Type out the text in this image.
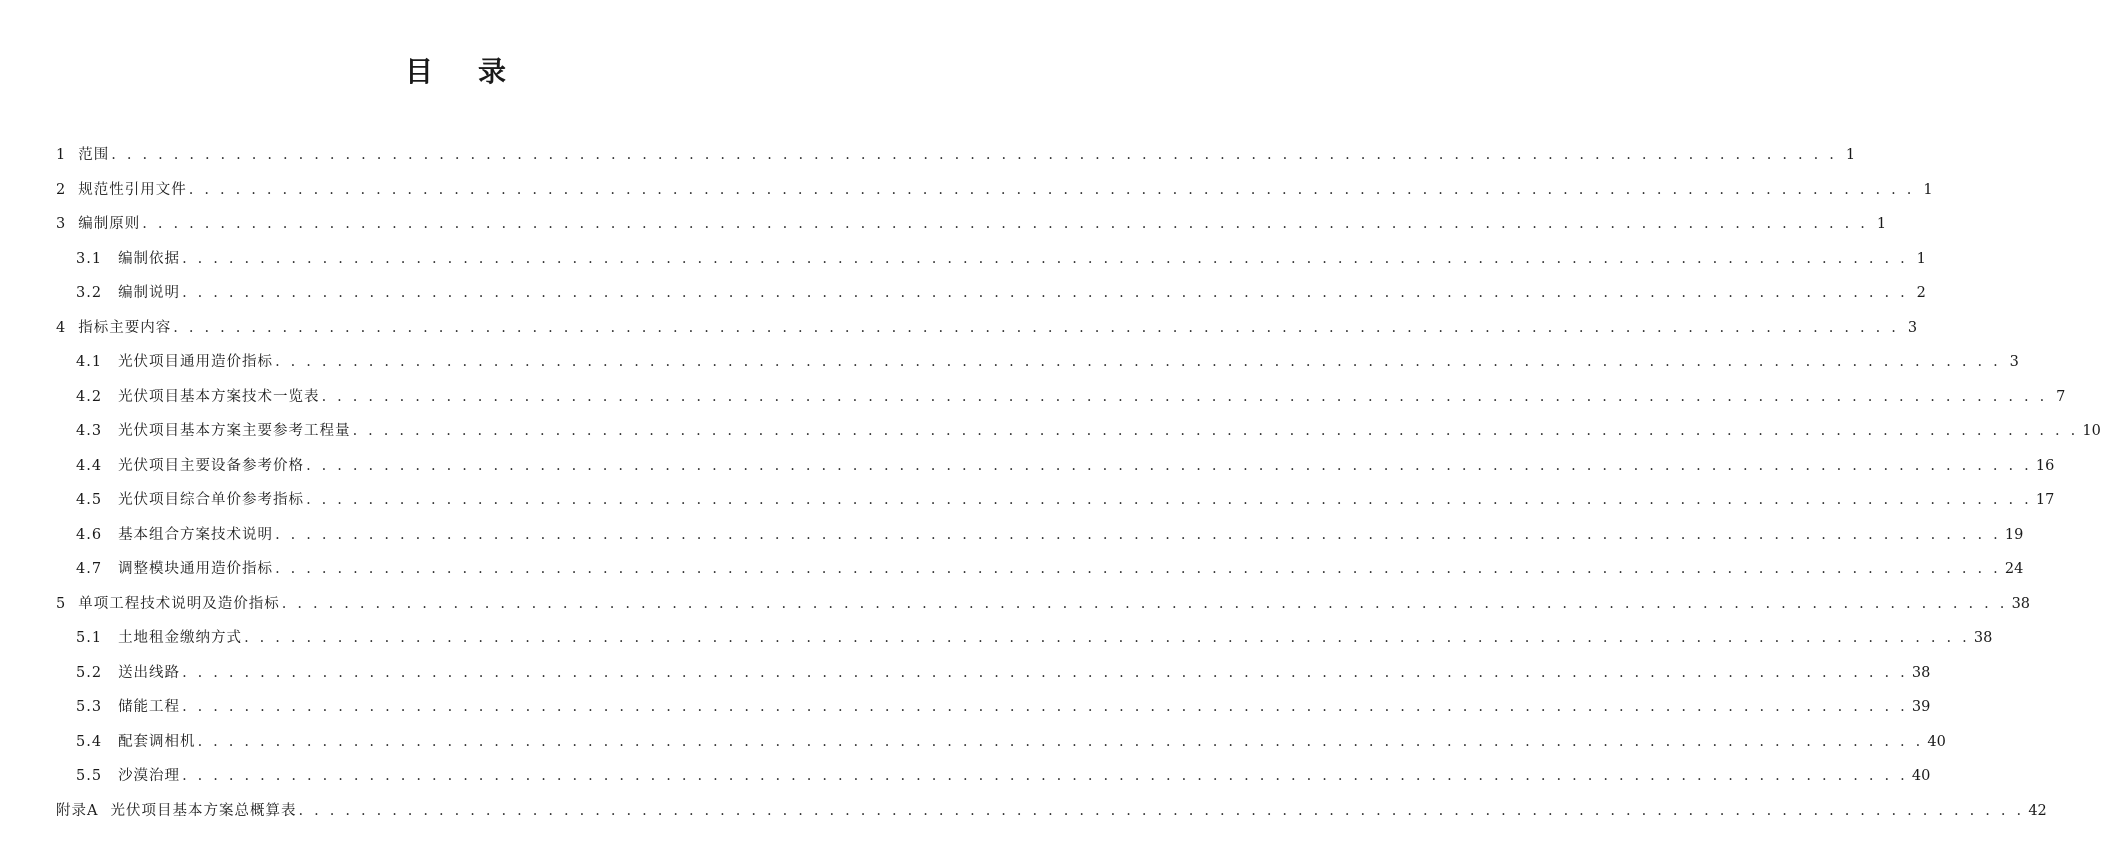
目 录
1 范围 . . . . . . . . . . . . . . . . . . . . . . . . . . . . . . . . . . . . . . . . . . . . . . . . . . . . . . . . . . . . . . . . . . . . . . . . . . . . . . . . . . . . . . . . . . . . . . . . . . . . . . . . . . . . . . . 1
2 规范性引用文件 . . . . . . . . . . . . . . . . . . . . . . . . . . . . . . . . . . . . . . . . . . . . . . . . . . . . . . . . . . . . . . . . . . . . . . . . . . . . . . . . . . . . . . . . . . . . . . . . . . . . . . . . . . . . . . . 1
3 编制原则 . . . . . . . . . . . . . . . . . . . . . . . . . . . . . . . . . . . . . . . . . . . . . . . . . . . . . . . . . . . . . . . . . . . . . . . . . . . . . . . . . . . . . . . . . . . . . . . . . . . . . . . . . . . . . . . 1
3.1 编制依据 . . . . . . . . . . . . . . . . . . . . . . . . . . . . . . . . . . . . . . . . . . . . . . . . . . . . . . . . . . . . . . . . . . . . . . . . . . . . . . . . . . . . . . . . . . . . . . . . . . . . . . . . . . . . . . . 1
3.2 编制说明 . . . . . . . . . . . . . . . . . . . . . . . . . . . . . . . . . . . . . . . . . . . . . . . . . . . . . . . . . . . . . . . . . . . . . . . . . . . . . . . . . . . . . . . . . . . . . . . . . . . . . . . . . . . . . . . 2
4 指标主要内容 . . . . . . . . . . . . . . . . . . . . . . . . . . . . . . . . . . . . . . . . . . . . . . . . . . . . . . . . . . . . . . . . . . . . . . . . . . . . . . . . . . . . . . . . . . . . . . . . . . . . . . . . . . . . . . . 3
4.1 光伏项目通用造价指标 . . . . . . . . . . . . . . . . . . . . . . . . . . . . . . . . . . . . . . . . . . . . . . . . . . . . . . . . . . . . . . . . . . . . . . . . . . . . . . . . . . . . . . . . . . . . . . . . . . . . . . . . . . . . . . . 3
4.2 光伏项目基本方案技术一览表 . . . . . . . . . . . . . . . . . . . . . . . . . . . . . . . . . . . . . . . . . . . . . . . . . . . . . . . . . . . . . . . . . . . . . . . . . . . . . . . . . . . . . . . . . . . . . . . . . . . . . . . . . . . . . . . 7
4.3 光伏项目基本方案主要参考工程量 . . . . . . . . . . . . . . . . . . . . . . . . . . . . . . . . . . . . . . . . . . . . . . . . . . . . . . . . . . . . . . . . . . . . . . . . . . . . . . . . . . . . . . . . . . . . . . . . . . . . . . . . . . . . . . . 10
4.4 光伏项目主要设备参考价格 . . . . . . . . . . . . . . . . . . . . . . . . . . . . . . . . . . . . . . . . . . . . . . . . . . . . . . . . . . . . . . . . . . . . . . . . . . . . . . . . . . . . . . . . . . . . . . . . . . . . . . . . . . . . . . . 16
4.5 光伏项目综合单价参考指标 . . . . . . . . . . . . . . . . . . . . . . . . . . . . . . . . . . . . . . . . . . . . . . . . . . . . . . . . . . . . . . . . . . . . . . . . . . . . . . . . . . . . . . . . . . . . . . . . . . . . . . . . . . . . . . . 17
4.6 基本组合方案技术说明 . . . . . . . . . . . . . . . . . . . . . . . . . . . . . . . . . . . . . . . . . . . . . . . . . . . . . . . . . . . . . . . . . . . . . . . . . . . . . . . . . . . . . . . . . . . . . . . . . . . . . . . . . . . . . . . 19
4.7 调整模块通用造价指标 . . . . . . . . . . . . . . . . . . . . . . . . . . . . . . . . . . . . . . . . . . . . . . . . . . . . . . . . . . . . . . . . . . . . . . . . . . . . . . . . . . . . . . . . . . . . . . . . . . . . . . . . . . . . . . . 24
5 单项工程技术说明及造价指标 . . . . . . . . . . . . . . . . . . . . . . . . . . . . . . . . . . . . . . . . . . . . . . . . . . . . . . . . . . . . . . . . . . . . . . . . . . . . . . . . . . . . . . . . . . . . . . . . . . . . . . . . . . . . . . . 38
5.1 土地租金缴纳方式 . . . . . . . . . . . . . . . . . . . . . . . . . . . . . . . . . . . . . . . . . . . . . . . . . . . . . . . . . . . . . . . . . . . . . . . . . . . . . . . . . . . . . . . . . . . . . . . . . . . . . . . . . . . . . . . 38
5.2 送出线路 . . . . . . . . . . . . . . . . . . . . . . . . . . . . . . . . . . . . . . . . . . . . . . . . . . . . . . . . . . . . . . . . . . . . . . . . . . . . . . . . . . . . . . . . . . . . . . . . . . . . . . . . . . . . . . . 38
5.3 储能工程 . . . . . . . . . . . . . . . . . . . . . . . . . . . . . . . . . . . . . . . . . . . . . . . . . . . . . . . . . . . . . . . . . . . . . . . . . . . . . . . . . . . . . . . . . . . . . . . . . . . . . . . . . . . . . . . 39
5.4 配套调相机 . . . . . . . . . . . . . . . . . . . . . . . . . . . . . . . . . . . . . . . . . . . . . . . . . . . . . . . . . . . . . . . . . . . . . . . . . . . . . . . . . . . . . . . . . . . . . . . . . . . . . . . . . . . . . . . 40
5.5 沙漠治理 . . . . . . . . . . . . . . . . . . . . . . . . . . . . . . . . . . . . . . . . . . . . . . . . . . . . . . . . . . . . . . . . . . . . . . . . . . . . . . . . . . . . . . . . . . . . . . . . . . . . . . . . . . . . . . . 40
附录A 光伏项目基本方案总概算表 . . . . . . . . . . . . . . . . . . . . . . . . . . . . . . . . . . . . . . . . . . . . . . . . . . . . . . . . . . . . . . . . . . . . . . . . . . . . . . . . . . . . . . . . . . . . . . . . . . . . . . . . . . . . . . . 42
